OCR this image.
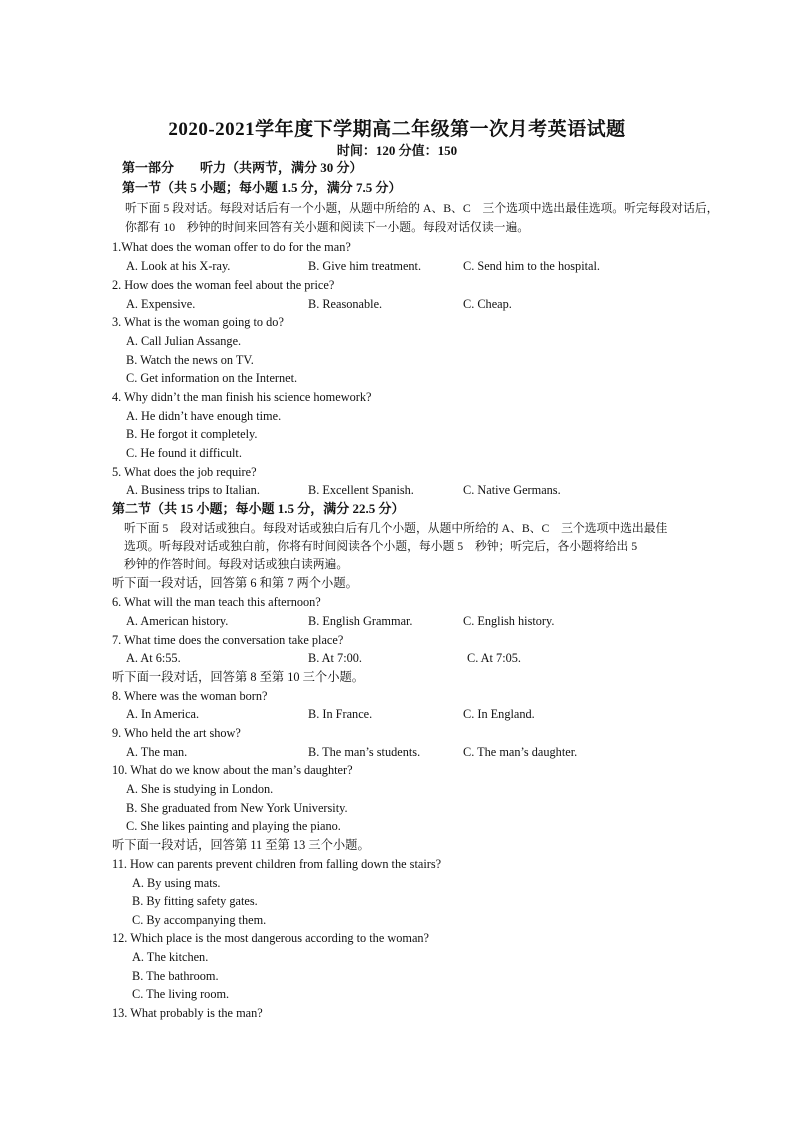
2020-2021学年度下学期高二年级第一次月考英语试题
时间：120 分值：150
第一部分　　听力（共两节，满分 30 分）
第一节（共 5 小题；每小题 1.5 分，满分 7.5 分）
听下面 5 段对话。每段对话后有一个小题，从题中所给的 A、B、C　三个选项中选出最佳选项。听完每段对话后，
你都有 10　秒钟的时间来回答有关小题和阅读下一小题。每段对话仅读一遍。
1.What does the woman offer to do for the man?
A. Look at his X-ray.	B. Give him treatment.	C. Send him to the hospital.
2. How does the woman feel about the price?
A. Expensive.	B. Reasonable.	C. Cheap.
3. What is the woman going to do?
A. Call Julian Assange.
B. Watch the news on TV.
C. Get information on the Internet.
4. Why didn’t the man finish his science homework?
A. He didn’t have enough time.
B. He forgot it completely.
C. He found it difficult.
5. What does the job require?
A. Business trips to Italian.	B. Excellent Spanish.	C. Native Germans.
第二节（共 15 小题；每小题 1.5 分，满分 22.5 分）
听下面 5　段对话或独白。每段对话或独白后有几个小题，从题中所给的 A、B、C　三个选项中选出最佳
选项。听每段对话或独白前，你将有时间阅读各个小题，每小题 5　秒钟；听完后，各小题将给出 5
秒钟的作答时间。每段对话或独白读两遍。
听下面一段对话，回答第 6 和第 7 两个小题。
6. What will the man teach this afternoon?
A. American history.	B. English Grammar.	C. English history.
7. What time does the conversation take place?
A. At 6:55.	B. At 7:00.	C. At 7:05.
听下面一段对话，回答第 8 至第 10 三个小题。
8. Where was the woman born?
A. In America.	B. In France.	C. In England.
9. Who held the art show?
A. The man.	B. The man’s students.	C. The man’s daughter.
10. What do we know about the man’s daughter?
A. She is studying in London.
B. She graduated from New York University.
C. She likes painting and playing the piano.
听下面一段对话，回答第 11 至第 13 三个小题。
11. How can parents prevent children from falling down the stairs?
A. By using mats.
B. By fitting safety gates.
C. By accompanying them.
12. Which place is the most dangerous according to the woman?
A. The kitchen.
B. The bathroom.
C. The living room.
13. What probably is the man?
